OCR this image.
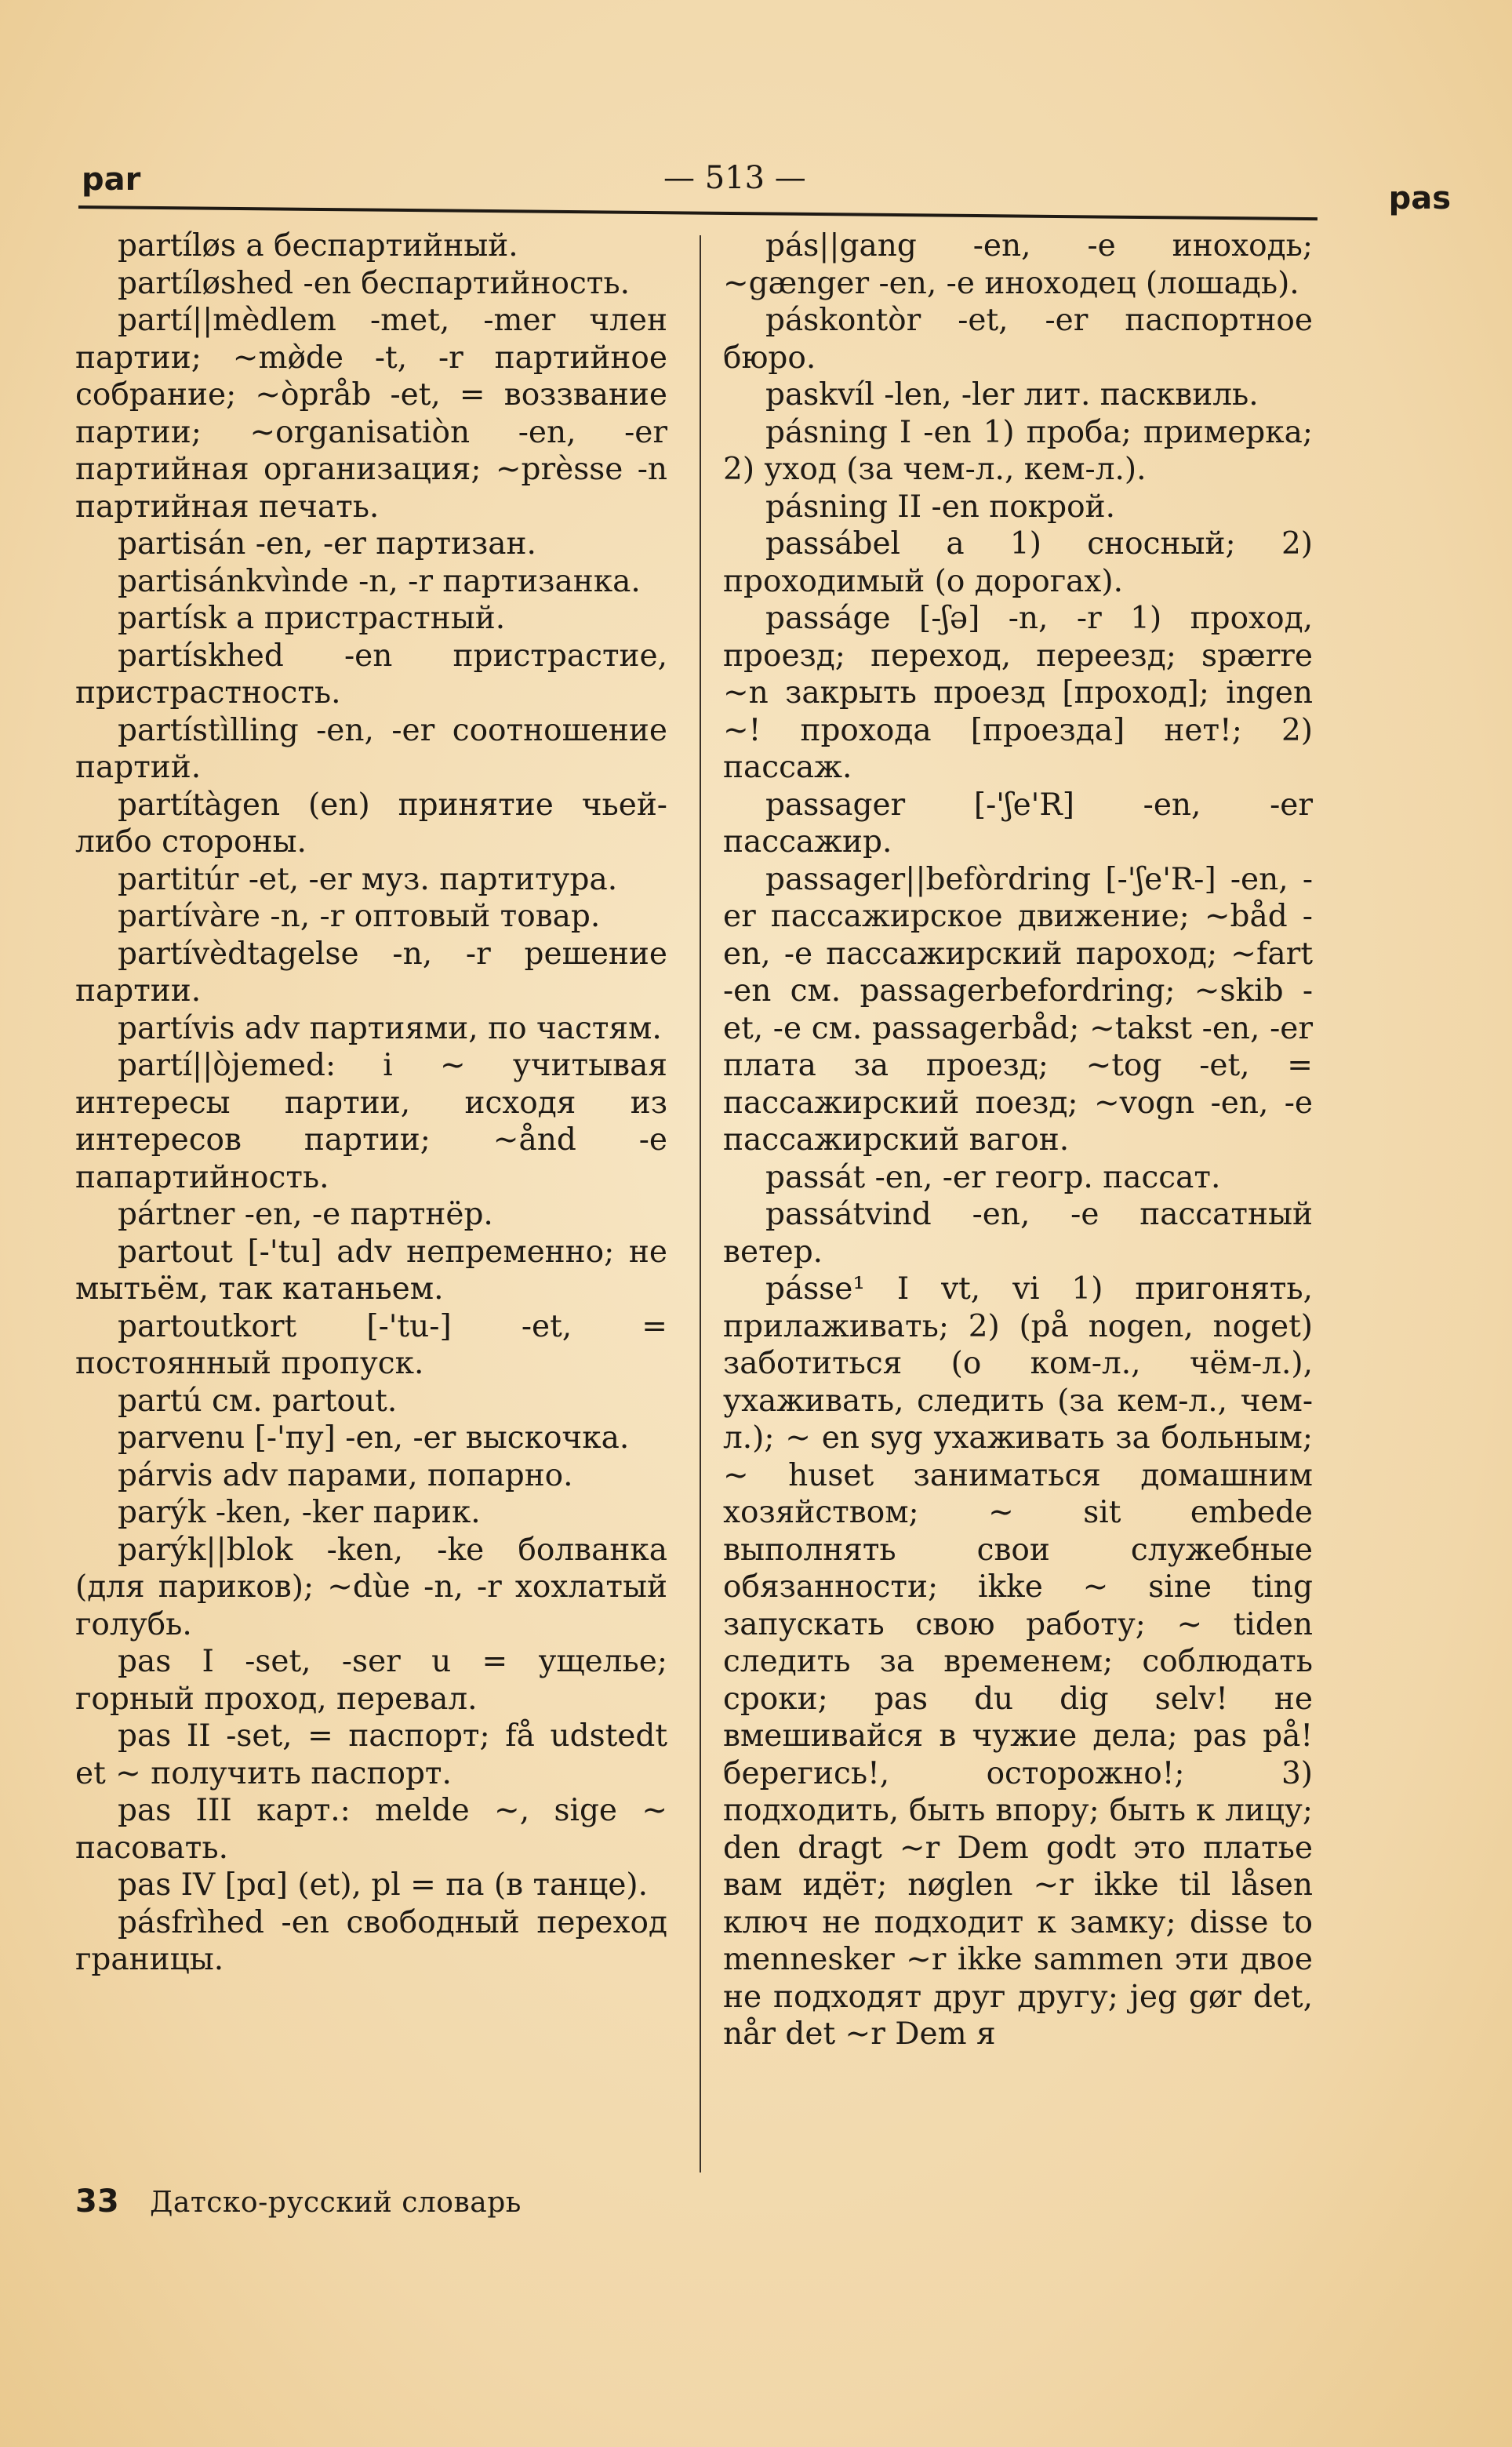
par	— 513 —
pas

partíløs a беспартийный.

partíløshed -en беспартийность.

partí||mèdlem -met, -mer член партии; ~mø̀de -t, -r партийное собрание; ~òpråb -et, = воззвание партии; ~organisatiòn -en, -er партийная организация; ~prèsse -n партийная печать.

partisán -en, -er партизан.

partisánkvìnde -n, -r партизанка.

partísk a пристрастный.

partískhed -en пристрастие, пристрастность.

partístìlling -en, -er соотношение партий.

partítàgen (en) принятие чьей-либо стороны.

partitúr -et, -er муз. партитура.

partívàre -n, -r оптовый товар.

partívèdtagelse -n, -r решение партии.

partívis adv партиями, по частям.

partí||òjemed: i ~ учитывая интересы партии, исходя из интересов партии; ~ånd -e папартийность.

pártner -en, -e партнёр.

partout [-'tu] adv непременно; не мытьём, так катаньем.

partoutkort [-'tu-] -et, = постоянный пропуск.

partú см. partout.

parvenu [-'пу] -en, -er выскочка.

párvis adv парами, попарно.

parýk -ken, -ker парик.

parýk||blok -ken, -ke болванка (для париков); ~dùe -n, -r хохлатый голубь.

pas I -set, -ser u = ущелье; горный проход, перевал.

pas II -set, = паспорт; få udstedt et ~ получить паспорт.

pas III карт.: melde ~, sige ~ пасовать.

pas IV [pɑ] (et), pl = па (в танце).

pásfrìhed -en свободный переход границы.

pás||gang -en, -e иноходь; ~gænger -en, -e иноходец (лошадь).

páskontòr -et, -er паспортное бюро.

paskvíl -len, -ler лит. пасквиль.

pásning I -en 1) проба; примерка; 2) уход (за чем-л., кем-л.).

pásning II -en покрой.

passábel a 1) сносный; 2) проходимый (о дорогах).

passáge [-ʃə] -n, -r 1) проход, проезд; переход, переезд; spærre ~n закрыть проезд [проход]; ingen ~! прохода [проезда] нет!; 2) пассаж.

passager [-'ʃe'R] -en, -er пассажир.

passager||befòrdring [-'ʃe'R-] -en, -er пассажирское движение; ~båd -en, -e пассажирский пароход; ~fart -en см. passagerbefordring; ~skib -et, -e см. passagerbåd; ~takst -en, -er плата за проезд; ~tog -et, = пассажирский поезд; ~vogn -en, -e пассажирский вагон.

passát -en, -er геогр. пассат.

passátvind -en, -e пассатный ветер.

pásse¹ I vt, vi 1) пригонять, прилаживать; 2) (på nogen, noget) заботиться (о ком-л., чём-л.), ухаживать, следить (за кем-л., чем-л.); ~ en syg ухаживать за больным; ~ huset заниматься домашним хозяйством; ~ sit embede выполнять свои служебные обязанности; ikke ~ sine ting запускать свою работу; ~ tiden следить за временем; соблюдать сроки; pas du dig selv! не вмешивайся в чужие дела; pas på! берегись!, осторожно!; 3) подходить, быть впору; быть к лицу; den dragt ~r Dem godt это платье вам идёт; nøglen ~r ikke til låsen ключ не подходит к замку; disse to mennesker ~r ikke sammen эти двое не подходят друг другу; jeg gør det, når det ~r Dem я

33 Датско-русский словарь
